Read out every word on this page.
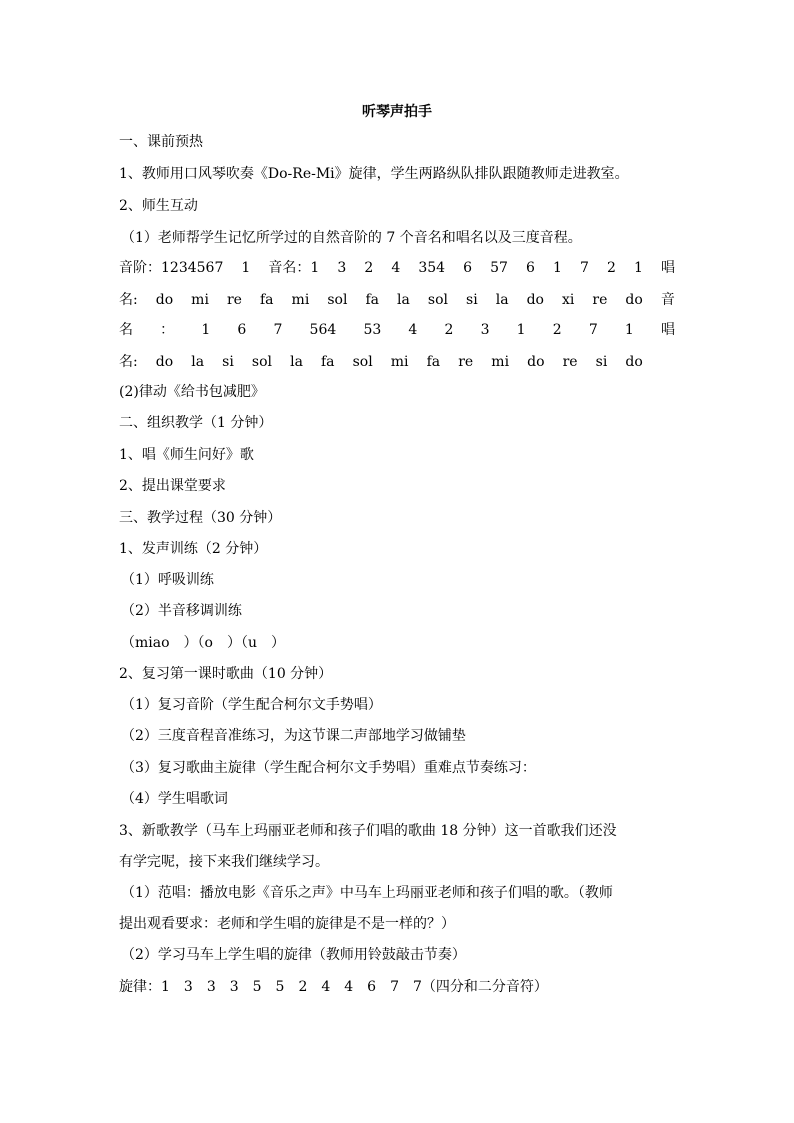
听琴声拍手
一、课前预热
1、教师用口风琴吹奏《Do-Re-Mi》旋律，学生两路纵队排队跟随教师走进教室。
2、师生互动
（1）老师帮学生记忆所学过的自然音阶的 7 个音名和唱名以及三度音程。
音阶：1234567 1 音名：1 3 2 4 354 6 57 6 1 7 2 1 唱
名: do mi re fa mi sol fa la sol si la do xi re do 音
名 ： 1 6 7 564 53 4 2 3 1 2 7 1 唱
名: do la si sol la fa sol mi fa re mi do re si do
(2)律动《给书包减肥》
二、组织教学（1 分钟）
1、唱《师生问好》歌
2、提出课堂要求
三、教学过程（30 分钟）
1、发声训练（2 分钟）
（1）呼吸训练
（2）半音移调训练
（miao　）（o　）（u　）
2、复习第一课时歌曲（10 分钟）
（1）复习音阶（学生配合柯尔文手势唱）
（2）三度音程音准练习，为这节课二声部地学习做铺垫
（3）复习歌曲主旋律（学生配合柯尔文手势唱）重难点节奏练习：
（4）学生唱歌词
3、新歌教学（马车上玛丽亚老师和孩子们唱的歌曲 18 分钟）这一首歌我们还没
有学完呢，接下来我们继续学习。
（1）范唱：播放电影《音乐之声》中马车上玛丽亚老师和孩子们唱的歌。（教师
提出观看要求：老师和学生唱的旋律是不是一样的？）
（2）学习马车上学生唱的旋律（教师用铃鼓敲击节奏）
旋律：1　3　3　3　5　5　2　4　4　6　7　7（四分和二分音符）
